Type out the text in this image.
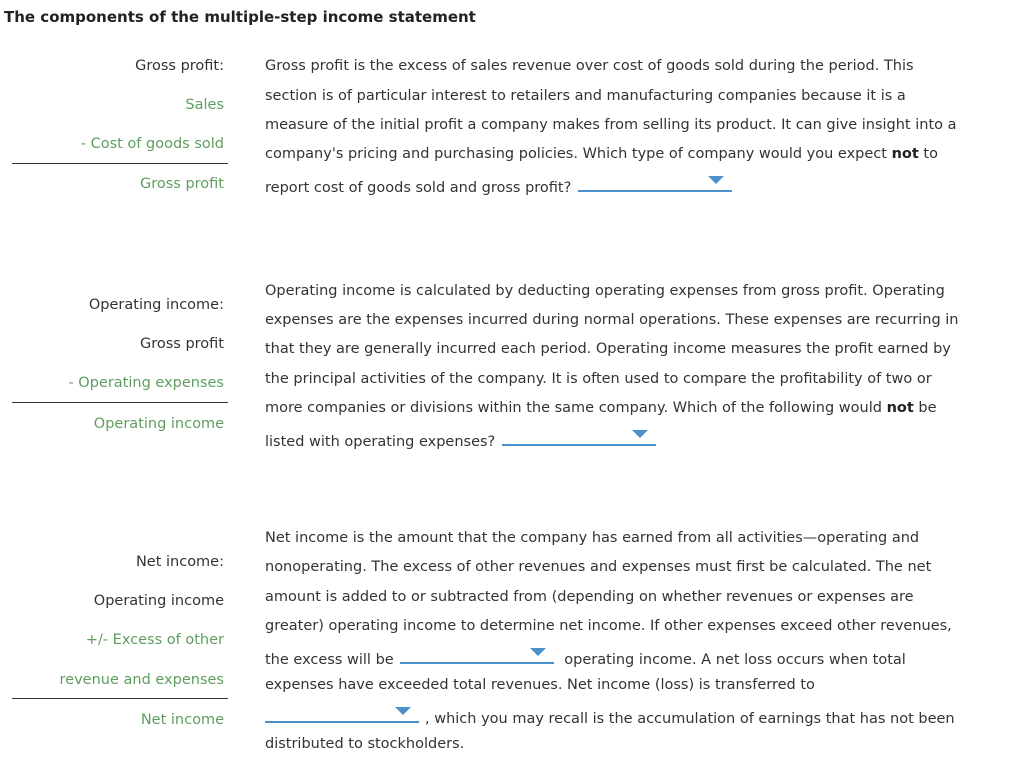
The components of the multiple-step income statement
Gross profit:
Sales
- Cost of goods sold
Gross profit
Gross profit is the excess of sales revenue over cost of goods sold during the period. This
section is of particular interest to retailers and manufacturing companies because it is a
measure of the initial profit a company makes from selling its product. It can give insight into a
company's pricing and purchasing policies. Which type of company would you expect not to
report cost of goods sold and gross profit?
Operating income:
Gross profit
- Operating expenses
Operating income
Operating income is calculated by deducting operating expenses from gross profit. Operating
expenses are the expenses incurred during normal operations. These expenses are recurring in
that they are generally incurred each period. Operating income measures the profit earned by
the principal activities of the company. It is often used to compare the profitability of two or
more companies or divisions within the same company. Which of the following would not be
listed with operating expenses?
Net income:
Operating income
+/- Excess of other
revenue and expenses
Net income
Net income is the amount that the company has earned from all activities—operating and
nonoperating. The excess of other revenues and expenses must first be calculated. The net
amount is added to or subtracted from (depending on whether revenues or expenses are
greater) operating income to determine net income. If other expenses exceed other revenues,
the excess will be	operating income. A net loss occurs when total
expenses have exceeded total revenues. Net income (loss) is transferred to
, which you may recall is the accumulation of earnings that has not been
distributed to stockholders.
